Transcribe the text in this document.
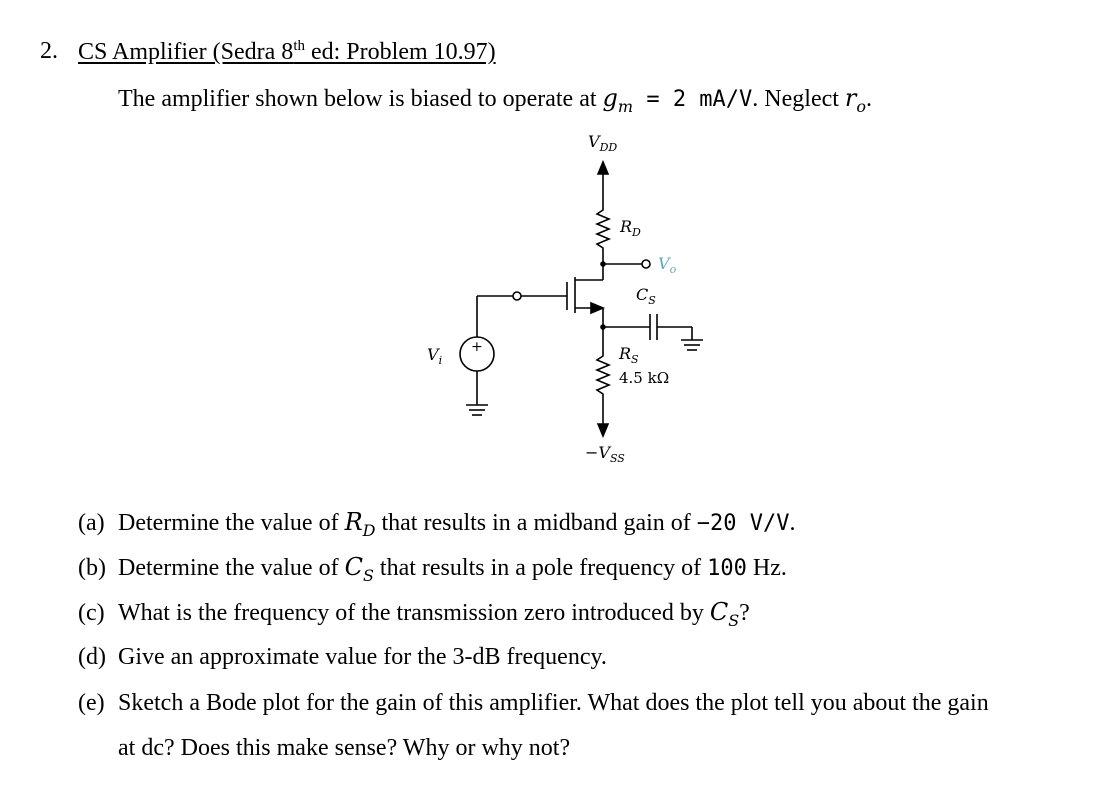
2. CS Amplifier (Sedra 8th ed: Problem 10.97)
The amplifier shown below is biased to operate at $g_m = 2$ mA/V. Neglect $r_o$.
$V_{DD}$
$R_D$
$V_o$
$C_S$
$R_S$
4.5 kΩ
$V_i$
+
$-V_{SS}$
(a) Determine the value of $R_D$ that results in a midband gain of −20 V/V.
(b) Determine the value of $C_S$ that results in a pole frequency of 100 Hz.
(c) What is the frequency of the transmission zero introduced by $C_S$?
(d) Give an approximate value for the 3-dB frequency.
(e) Sketch a Bode plot for the gain of this amplifier. What does the plot tell you about the gain
at dc? Does this make sense? Why or why not?
